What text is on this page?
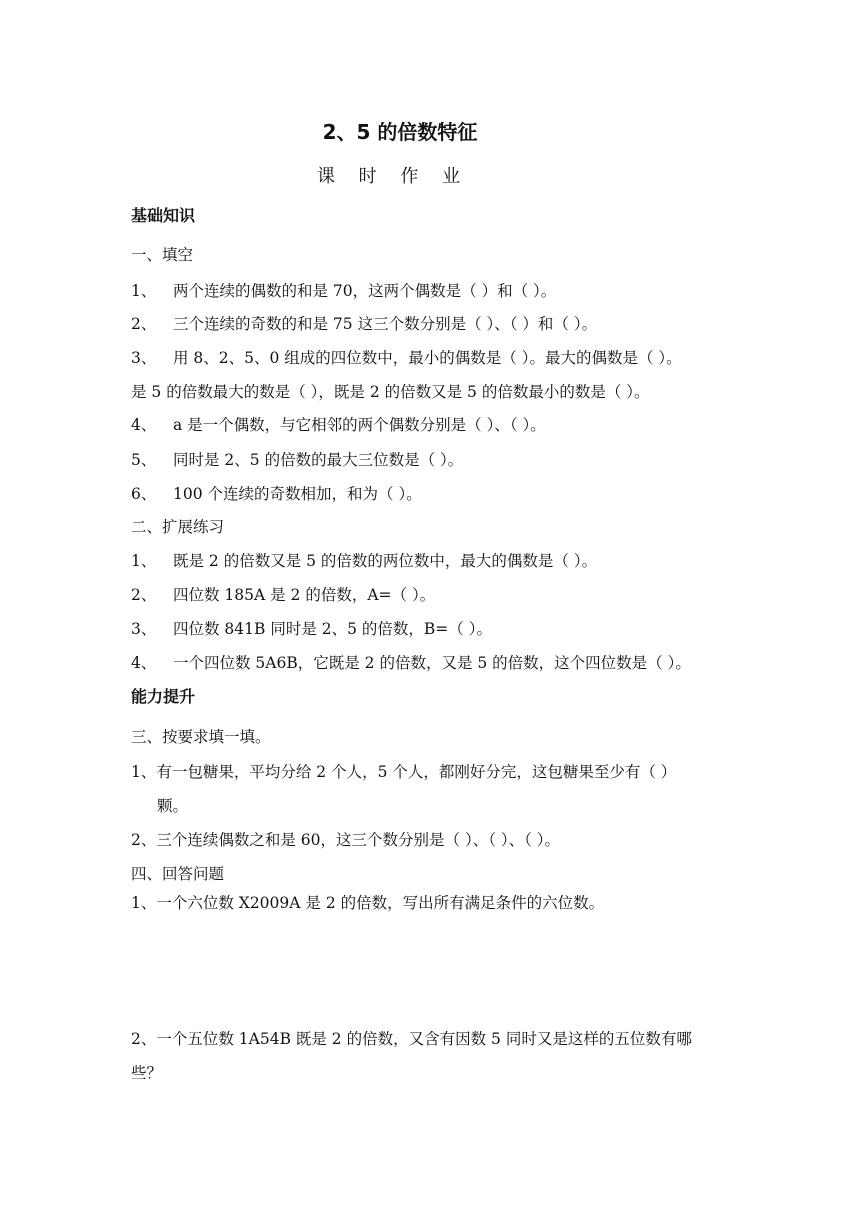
2、5 的倍数特征
课 时 作 业
基础知识
一、填空
1、 两个连续的偶数的和是 70，这两个偶数是（ ）和（ ）。
2、 三个连续的奇数的和是 75 这三个数分别是（ ）、（ ）和（ ）。
3、 用 8、2、5、0 组成的四位数中，最小的偶数是（ ）。最大的偶数是（ ）。
是 5 的倍数最大的数是（ ），既是 2 的倍数又是 5 的倍数最小的数是（ ）。
4、 a 是一个偶数，与它相邻的两个偶数分别是（ ）、（ ）。
5、 同时是 2、5 的倍数的最大三位数是（ ）。
6、 100 个连续的奇数相加，和为（ ）。
二、扩展练习
1、 既是 2 的倍数又是 5 的倍数的两位数中，最大的偶数是（ ）。
2、 四位数 185A 是 2 的倍数，A=（ ）。
3、 四位数 841B 同时是 2、5 的倍数，B=（ ）。
4、 一个四位数 5A6B，它既是 2 的倍数，又是 5 的倍数，这个四位数是（ ）。
能力提升
三、按要求填一填。
1、有一包糖果，平均分给 2 个人，5 个人，都刚好分完，这包糖果至少有（ ）
颗。
2、三个连续偶数之和是 60，这三个数分别是（ ）、（ ）、（ ）。
四、回答问题
1、一个六位数 X2009A 是 2 的倍数，写出所有满足条件的六位数。
2、一个五位数 1A54B 既是 2 的倍数，又含有因数 5 同时又是这样的五位数有哪
些？
